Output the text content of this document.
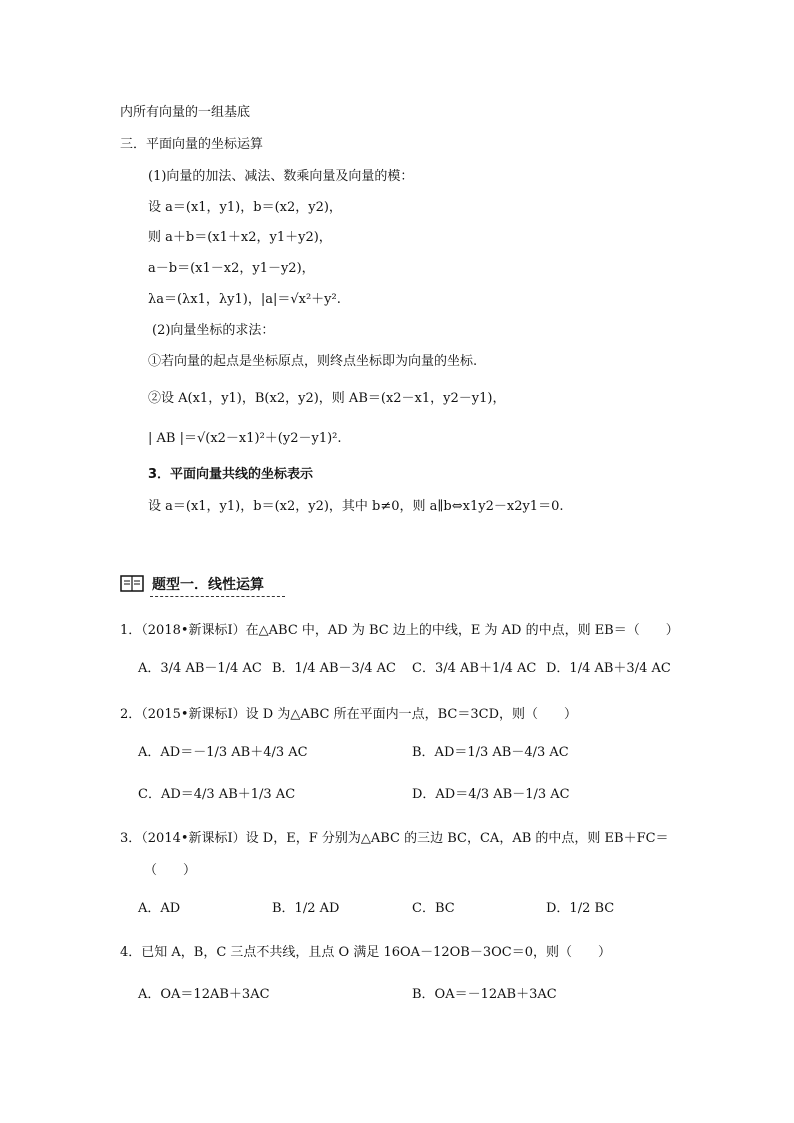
内所有向量的一组基底
三．平面向量的坐标运算
(1)向量的加法、减法、数乘向量及向量的模：
设 a＝(x1，y1)，b＝(x2，y2)，
则 a＋b＝(x1＋x2，y1＋y2)，
a－b＝(x1－x2，y1－y2)，
λa＝(λx1，λy1)，|a|＝√x²＋y².
(2)向量坐标的求法：
①若向量的起点是坐标原点，则终点坐标即为向量的坐标.
②设 A(x1，y1)，B(x2，y2)，则 AB＝(x2－x1，y2－y1)，
| AB |＝√(x2－x1)²＋(y2－y1)².
3．平面向量共线的坐标表示
设 a＝(x1，y1)，b＝(x2，y2)，其中 b≠0，则 a∥b⇔x1y2－x2y1＝0.
题型一．线性运算
1．（2018•新课标Ⅰ）在△ABC 中，AD 为 BC 边上的中线，E 为 AD 的中点，则 EB＝（　　）
A．3/4 AB－1/4 AC B．1/4 AB－3/4 AC C．3/4 AB＋1/4 AC D．1/4 AB＋3/4 AC
2．（2015•新课标Ⅰ）设 D 为△ABC 所在平面内一点，BC＝3CD，则（　　）
A．AD＝－1/3 AB＋4/3 AC	B．AD＝1/3 AB－4/3 AC
C．AD＝4/3 AB＋1/3 AC	D．AD＝4/3 AB－1/3 AC
3．（2014•新课标Ⅰ）设 D，E，F 分别为△ABC 的三边 BC，CA，AB 的中点，则 EB＋FC＝
（　　）
A．AD	B．1/2 AD	C．BC	D．1/2 BC
4．已知 A，B，C 三点不共线，且点 O 满足 16OA－12OB－3OC＝0，则（　　）
A．OA＝12AB＋3AC	B．OA＝－12AB＋3AC
